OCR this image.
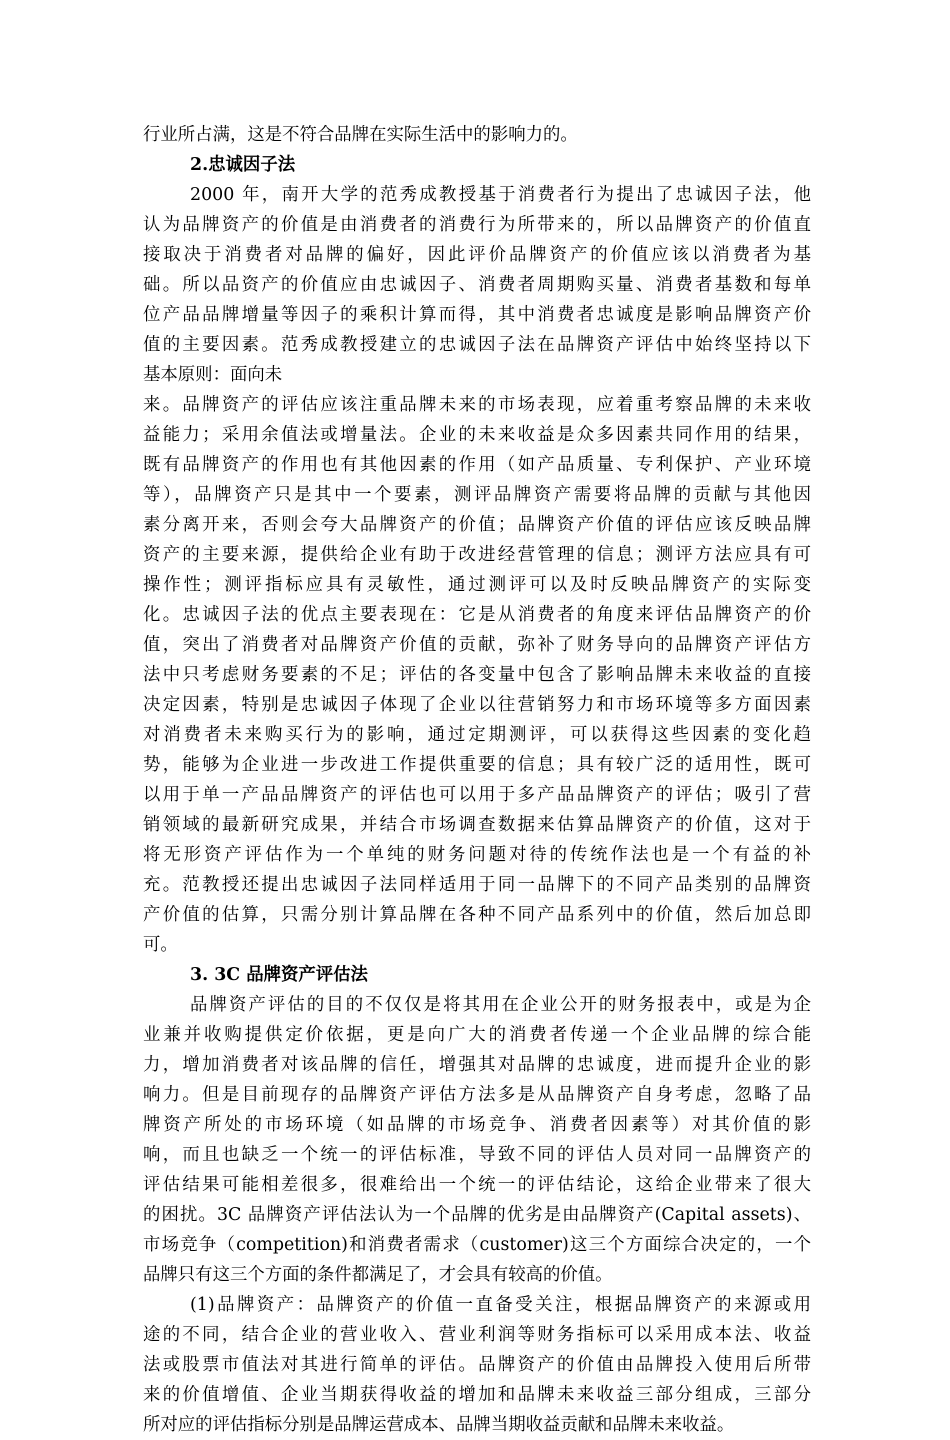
行业所占满，这是不符合品牌在实际生活中的影响力的。
2.忠诚因子法
2000 年，南开大学的范秀成教授基于消费者行为提出了忠诚因子法，他
认为品牌资产的价值是由消费者的消费行为所带来的，所以品牌资产的价值直
接取决于消费者对品牌的偏好，因此评价品牌资产的价值应该以消费者为基
础。所以品资产的价值应由忠诚因子、消费者周期购买量、消费者基数和每单
位产品品牌增量等因子的乘积计算而得，其中消费者忠诚度是影响品牌资产价
值的主要因素。范秀成教授建立的忠诚因子法在品牌资产评估中始终坚持以下
基本原则：面向未
来。品牌资产的评估应该注重品牌未来的市场表现，应着重考察品牌的未来收
益能力；采用余值法或增量法。企业的未来收益是众多因素共同作用的结果，
既有品牌资产的作用也有其他因素的作用（如产品质量、专利保护、产业环境
等），品牌资产只是其中一个要素，测评品牌资产需要将品牌的贡献与其他因
素分离开来，否则会夸大品牌资产的价值；品牌资产价值的评估应该反映品牌
资产的主要来源，提供给企业有助于改进经营管理的信息；测评方法应具有可
操作性；测评指标应具有灵敏性，通过测评可以及时反映品牌资产的实际变
化。忠诚因子法的优点主要表现在：它是从消费者的角度来评估品牌资产的价
值，突出了消费者对品牌资产价值的贡献，弥补了财务导向的品牌资产评估方
法中只考虑财务要素的不足；评估的各变量中包含了影响品牌未来收益的直接
决定因素，特别是忠诚因子体现了企业以往营销努力和市场环境等多方面因素
对消费者未来购买行为的影响，通过定期测评，可以获得这些因素的变化趋
势，能够为企业进一步改进工作提供重要的信息；具有较广泛的适用性，既可
以用于单一产品品牌资产的评估也可以用于多产品品牌资产的评估；吸引了营
销领域的最新研究成果，并结合市场调查数据来估算品牌资产的价值，这对于
将无形资产评估作为一个单纯的财务问题对待的传统作法也是一个有益的补
充。范教授还提出忠诚因子法同样适用于同一品牌下的不同产品类别的品牌资
产价值的估算，只需分别计算品牌在各种不同产品系列中的价值，然后加总即
可。
3. 3C 品牌资产评估法
品牌资产评估的目的不仅仅是将其用在企业公开的财务报表中，或是为企
业兼并收购提供定价依据，更是向广大的消费者传递一个企业品牌的综合能
力，增加消费者对该品牌的信任，增强其对品牌的忠诚度，进而提升企业的影
响力。但是目前现存的品牌资产评估方法多是从品牌资产自身考虑，忽略了品
牌资产所处的市场环境（如品牌的市场竞争、消费者因素等）对其价值的影
响，而且也缺乏一个统一的评估标准，导致不同的评估人员对同一品牌资产的
评估结果可能相差很多，很难给出一个统一的评估结论，这给企业带来了很大
的困扰。3C 品牌资产评估法认为一个品牌的优劣是由品牌资产(Capital assets)、
市场竞争（competition)和消费者需求（customer)这三个方面综合决定的，一个
品牌只有这三个方面的条件都满足了，才会具有较高的价值。
(1)品牌资产：品牌资产的价值一直备受关注，根据品牌资产的来源或用
途的不同，结合企业的营业收入、营业利润等财务指标可以采用成本法、收益
法或股票市值法对其进行简单的评估。品牌资产的价值由品牌投入使用后所带
来的价值增值、企业当期获得收益的增加和品牌未来收益三部分组成，三部分
所对应的评估指标分别是品牌运营成本、品牌当期收益贡献和品牌未来收益。
